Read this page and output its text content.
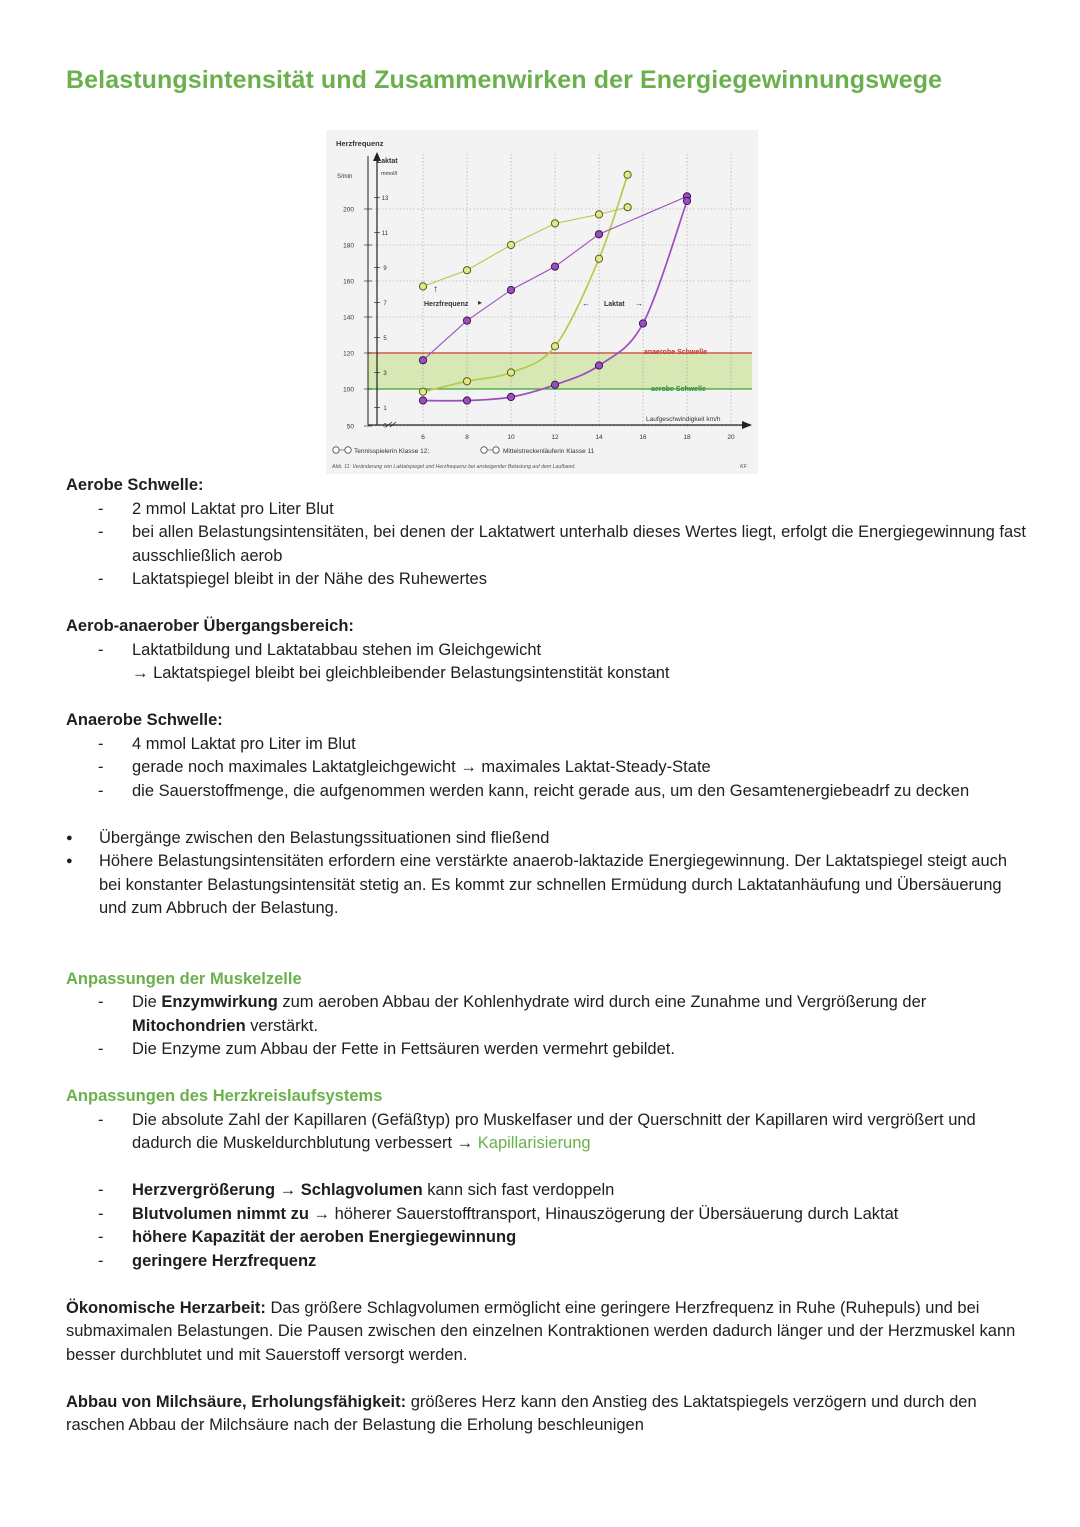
Belastungsintensität und Zusammenwirken der Energiegewinnungswege
6	8	10	12	14	16	18	20
200
180
160
140
120
100
50
13
11
9
7
5
3
1
0
Herzfrequenz
S/min
Laktat
mmol/l
Laufgeschwindigkeit km/h
Herzfrequenz ▸	Laktat
←	→
↑
anaerobe Schwelle
aerobe Schwelle
Tennisspielerin Klasse 12;	Mittelstreckenläuferin Klasse 11
Abb. 11: Veränderung von Laktatspiegel und Herzfrequenz bei ansteigender Belastung auf dem Laufband.	KF

Aerobe Schwelle:

- 2 mmol Laktat pro Liter Blut
- bei allen Belastungsintensitäten, bei denen der Laktatwert unterhalb dieses Wertes liegt, erfolgt die Energiegewinnung fast ausschließlich aerob
- Laktatspiegel bleibt in der Nähe des Ruhewertes

Aerob-anaerober Übergangsbereich:

- Laktatbildung und Laktatabbau stehen im Gleichgewicht
→ Laktatspiegel bleibt bei gleichbleibender Belastungsintenstität konstant

Anaerobe Schwelle:

- 4 mmol Laktat pro Liter im Blut
- gerade noch maximales Laktatgleichgewicht → maximales Laktat-Steady-State
- die Sauerstoffmenge, die aufgenommen werden kann, reicht gerade aus, um den Gesamtenergiebeadrf zu decken
● Übergänge zwischen den Belastungssituationen sind fließend
● Höhere Belastungsintensitäten erfordern eine verstärkte anaerob-laktazide Energiegewinnung. Der Laktatspiegel steigt auch bei konstanter Belastungsintensität stetig an. Es kommt zur schnellen Ermüdung durch Laktatanhäufung und Übersäuerung und zum Abbruch der Belastung.

Anpassungen der Muskelzelle

- Die Enzymwirkung zum aeroben Abbau der Kohlenhydrate wird durch eine Zunahme und Vergrößerung der Mitochondrien verstärkt.
- Die Enzyme zum Abbau der Fette in Fettsäuren werden vermehrt gebildet.

Anpassungen des Herzkreislaufsystems

- Die absolute Zahl der Kapillaren (Gefäßtyp) pro Muskelfaser und der Querschnitt der Kapillaren wird vergrößert und dadurch die Muskeldurchblutung verbessert → Kapillarisierung
- Herzvergrößerung → Schlagvolumen kann sich fast verdoppeln
- Blutvolumen nimmt zu → höherer Sauerstofftransport, Hinauszögerung der Übersäuerung durch Laktat
- höhere Kapazität der aeroben Energiegewinnung
- geringere Herzfrequenz

Ökonomische Herzarbeit: Das größere Schlagvolumen ermöglicht eine geringere Herzfrequenz in Ruhe (Ruhepuls) und bei submaximalen Belastungen. Die Pausen zwischen den einzelnen Kontraktionen werden dadurch länger und der Herzmuskel kann besser durchblutet und mit Sauerstoff versorgt werden.

Abbau von Milchsäure, Erholungsfähigkeit: größeres Herz kann den Anstieg des Laktatspiegels verzögern und durch den raschen Abbau der Milchsäure nach der Belastung die Erholung beschleunigen
